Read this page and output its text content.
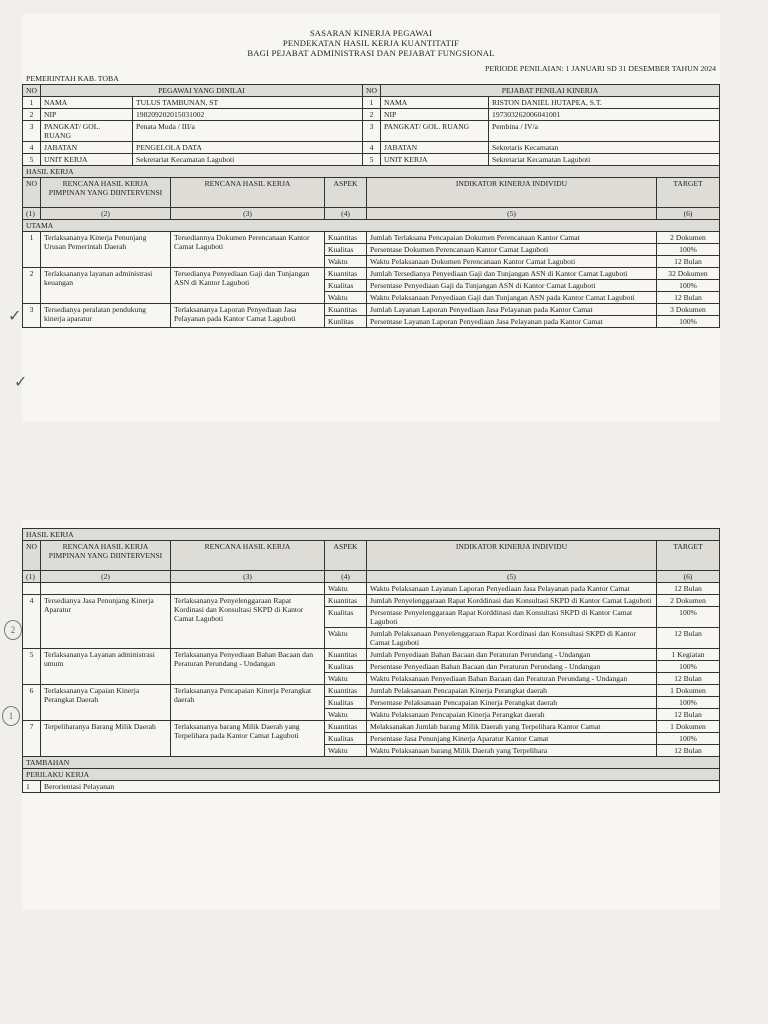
SASARAN KINERJA PEGAWAI
PENDEKATAN HASIL KERJA KUANTITATIF
BAGI PEJABAT ADMINISTRASI DAN PEJABAT FUNGSIONAL
PEMERINTAH KAB. TOBA
PERIODE PENILAIAN: 1 JANUARI SD 31 DESEMBER TAHUN 2024
NO	PEGAWAI YANG DINILAI		NO	PEJABAT PENILAI KINERJA	
1	NAMA	TULUS TAMBUNAN, ST	1	NAMA	RISTON DANIEL HUTAPEA, S.T.
2	NIP	198209202015031002	2	NIP	197303262006041001
3	PANGKAT/ GOL. RUANG	Penata Muda / III/a	3	PANGKAT/ GOL. RUANG	Pembina / IV/a
4	JABATAN	PENGELOLA DATA	4	JABATAN	Sekretaris Kecamatan
5	UNIT KERJA	Sekretariat Kecamatan Laguboti	5	UNIT KERJA	Sekretariat Kecamatan Laguboti
HASIL KERJA					
NO	RENCANA HASIL KERJA PIMPINAN YANG DIINTERVENSI	RENCANA HASIL KERJA	ASPEK	INDIKATOR KINERJA INDIVIDU	TARGET
(1)	(2)	(3)	(4)	(5)	(6)
UTAMA					
1	Terlaksananya Kinerja Penunjang Urusan Pemerintah Daerah	Tersediannya Dokumen Perencanaan Kantor Camat Laguboti	Kuantitas	Jumlah Terlaksana Pencapaian Dokumen Perencanaan Kantor Camat	2 Dokumen
			Kualitas	Persentase Dokumen Perencanaan Kantor Camat Laguboti	100%
			Waktu	Waktu Pelaksanaan Dokumen Perencanaan Kantor Camat Laguboti	12 Bulan
2	Terlaksananya layanan administrasi keuangan	Tersedianya Penyediaan Gaji dan Tunjangan ASN di Kantor Laguboti	Kuantitas	Jumlah Tersedianya Penyediaan Gaji dan Tunjangan ASN di Kantor Camat Laguboti	32 Dokumen
			Kualitas	Persentase Penyediaan Gaji da Tunjangan ASN di Kantor Camat Laguboti	100%
			Waktu	Waktu Pelaksanaan Penyediaan Gaji dan Tunjangan ASN pada Kantor Camat Laguboti	12 Bulan
3	Tersedianya peralatan pendukung kinerja aparatur	Terlaksananya Laporan Penyediaan Jasa Pelayanan pada Kantor Camat Laguboti	Kuantitas	Jumlah Layanan Laporan Penyediaan Jasa Pelayanan pada Kantor Camat	3 Dokumen
			Kunlitas	Persentase Layanan Laporan Penyediaan Jasa Pelayanan pada Kantor Camat	100%
✓
✓
HASIL KERJA					
NO	RENCANA HASIL KERJA PIMPINAN YANG DIINTERVENSI	RENCANA HASIL KERJA	ASPEK	INDIKATOR KINERJA INDIVIDU	TARGET
(1)	(2)	(3)	(4)	(5)	(6)
			Waktu	Waktu Pelaksanaan Layanan Laporan Penyediaan Jasa Pelayanan pada Kantor Camat	12 Bulan
4	Tersedianya Jasa Penunjang Kinerja Aparatur	Terlaksananya Penyelenggaraan Rapat Kordinasi dan Konsultasi SKPD di Kantor Camat Laguboti	Kuantitas	Jumlah Penyelenggaraan Rapat Korddinasi dan Konsultasi SKPD di Kantor Camat Laguboti	2 Dokumen
			Kualitas	Persentase Penyelenggaraan Rapat Korddinasi dan Konsultasi SKPD di Kantor Camat Laguboti	100%
			Waktu	Jumlah Pelaksanaan Penyelenggaraan Rapat Kordinasi dan Konsultasi SKPD di Kantor Camat Laguboti	12 Bulan
5	Terlaksananya Layanan administrasi umum	Terlaksananya Penyediaan Bahan Bacaan dan Peraturan Perundang - Undangan	Kuantitas	Jumlah Penyediaan Bahan Bacaan dan Peraturan Perundang - Undangan	1 Kegiatan
			Kualitas	Persentase Penyediaan Bahan Bacaan dan Peraturan Perundang - Undangan	100%
			Waktu	Waktu Pelaksanaan Penyediaan Bahan Bacaan dan Peraturan Perundang - Undangan	12 Bulan
6	Terlaksananya Capaian Kinerja Perangkat Daerah	Terlaksananya Pencapaian Kinerja Perangkat daerah	Kuantitas	Jumlah Pelaksanaan Pencapaian Kinerja Perangkat daerah	1 Dokumen
			Kualitas	Persentase Pelaksanaan Pencapaian Kinerja Perangkat daerah	100%
			Waktu	Waktu Pelaksanaan Pencapaian Kinerja Perangkat daerah	12 Bulan
7	Terpeliharanya Barang Milik Daerah	Terlaksananya barang Milik Daerah yang Terpelihara pada Kantor Camat Laguboti	Kuantitas	Melaksanakan Jumlah barang Milik Daerah yang Terpelihara Kantor Camat	1 Dokumen
			Kualitas	Persentase Jasa Penunjang Kinerja Aparatur Kantor Camat	100%
			Waktu	Waktu Pelaksanaan barang Milik Daerah yang Terpelihara	12 Bulan
TAMBAHAN					
PERILAKU KERJA					
1	Berorientasi Pelayanan				
2
1
